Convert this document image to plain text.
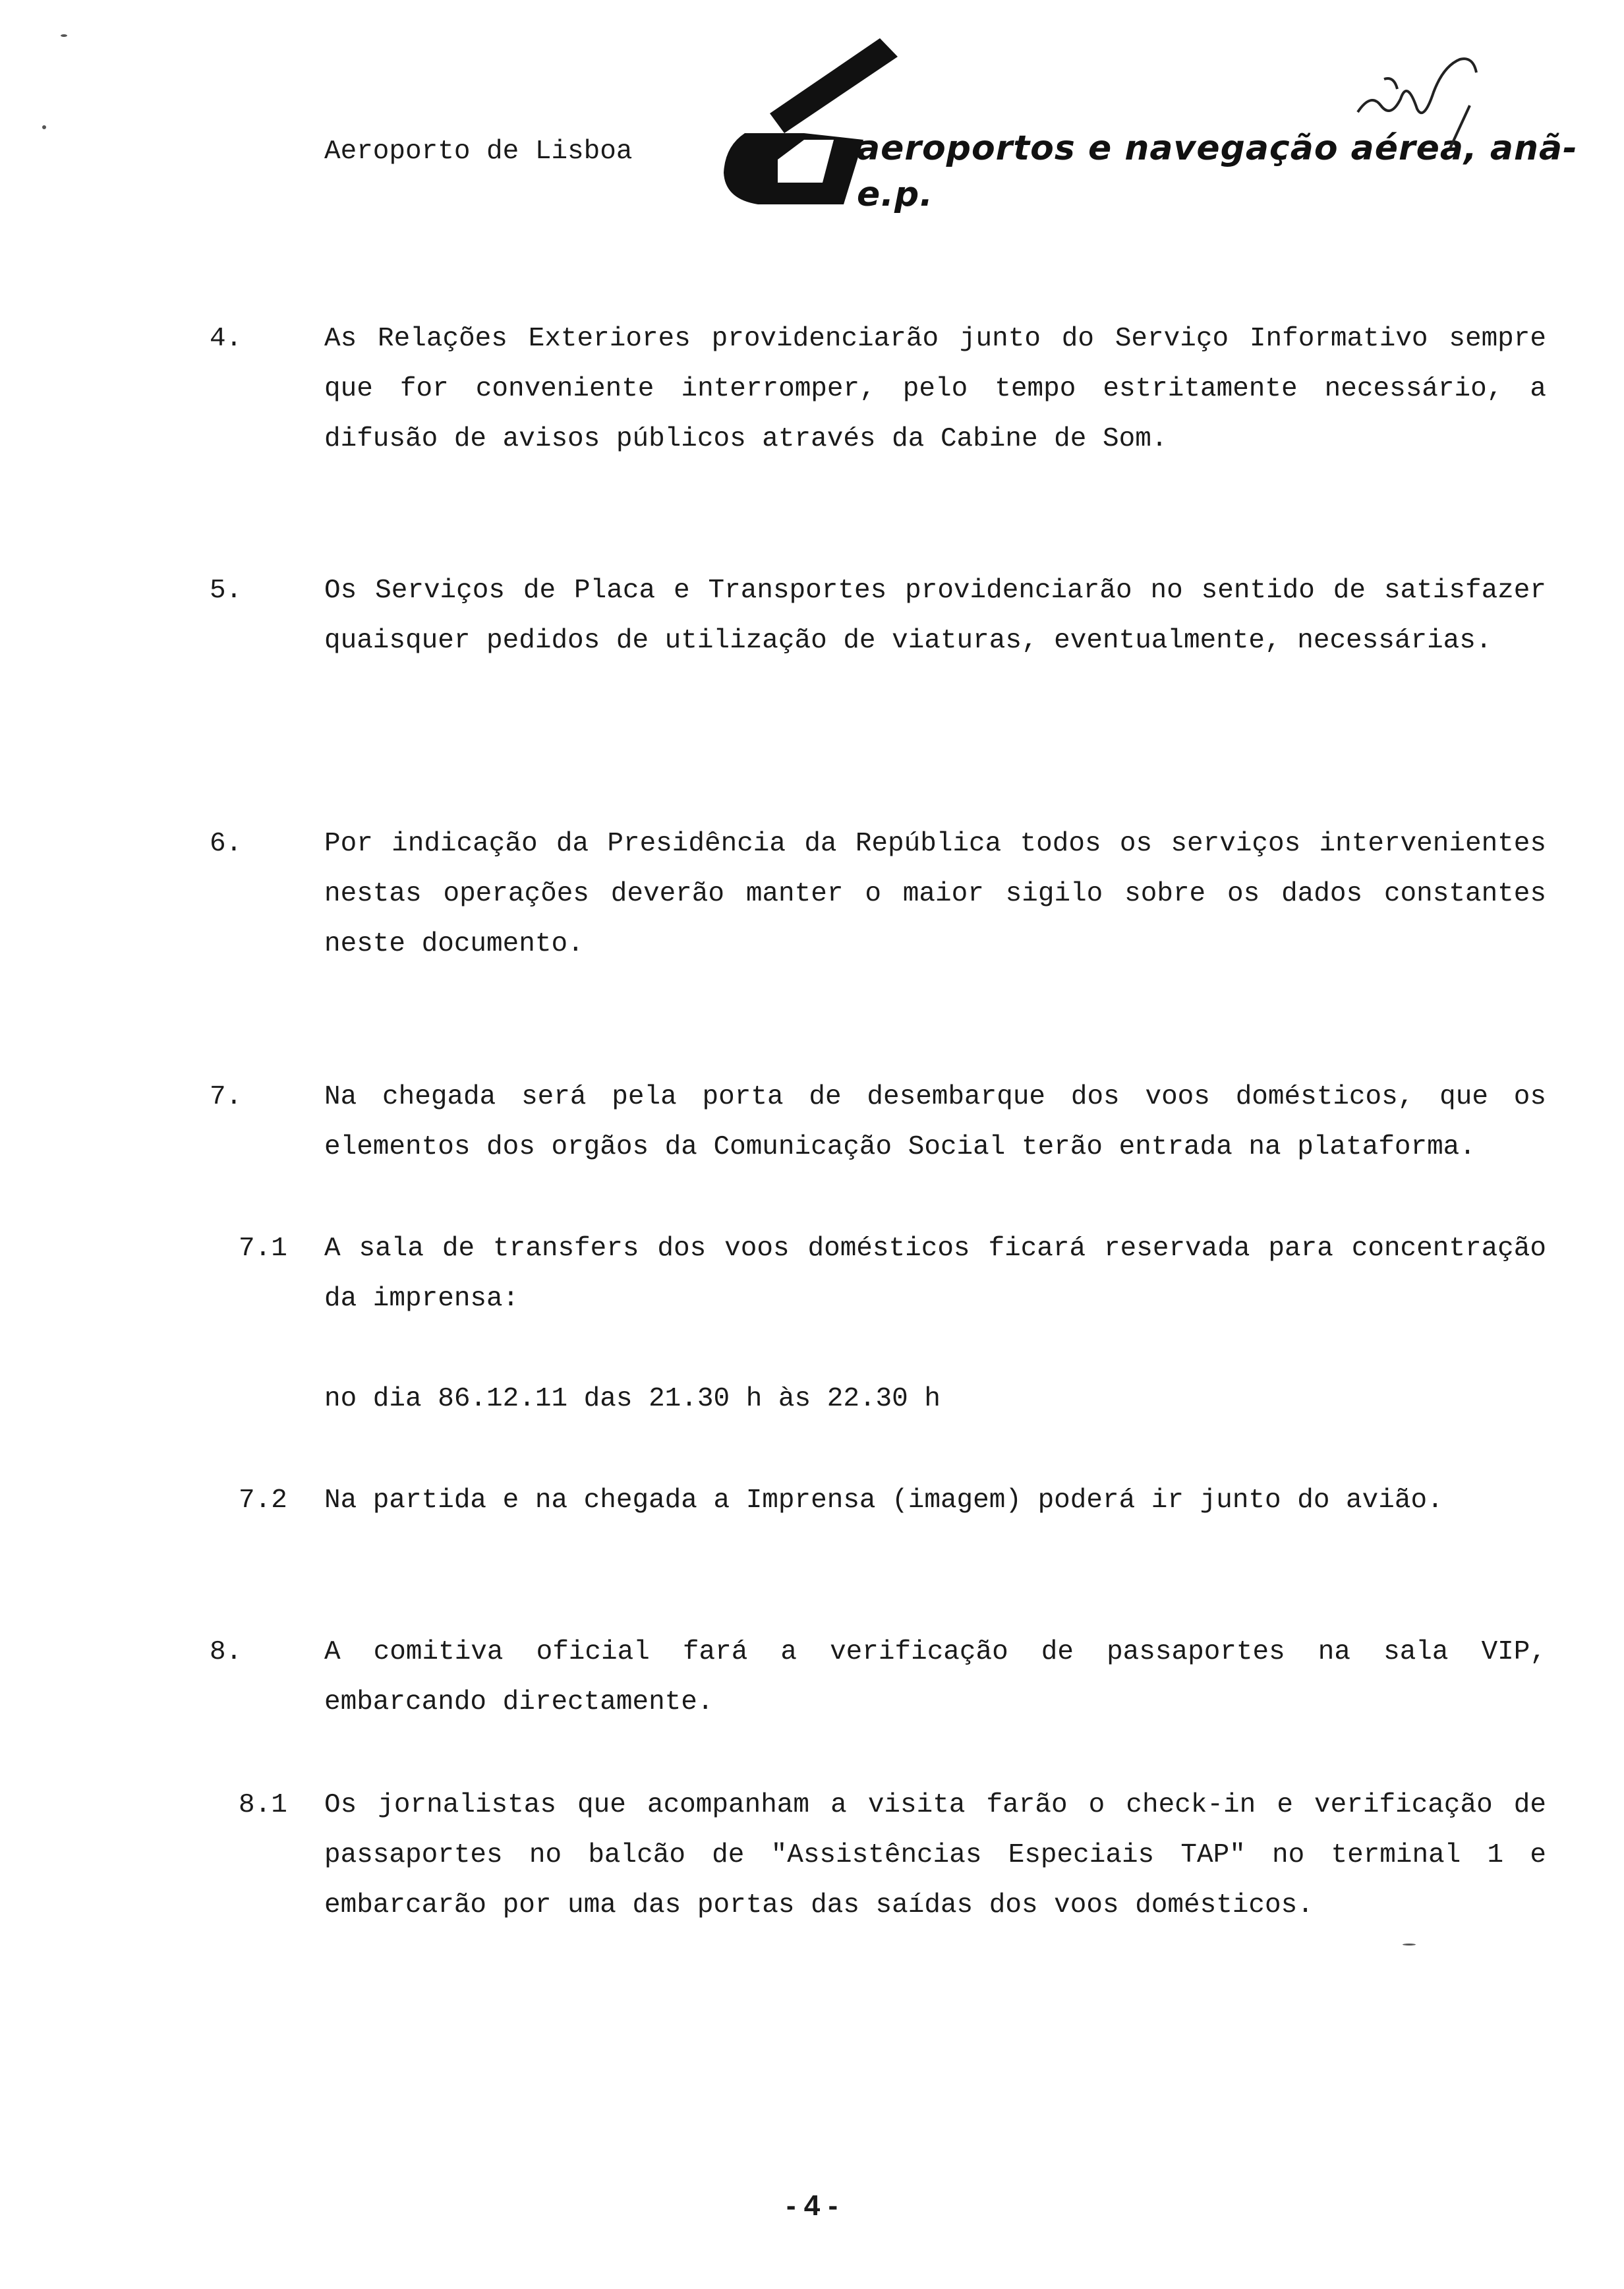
Aeroporto de Lisboa	aeroportos e navegação aérea, anã-e.p.
4.	As Relações Exteriores providenciarão junto do Serviço Informativo sempre que for conveniente interromper, pelo tempo estritamente necessário, a difusão de avisos públicos através da Cabine de Som.
5.	Os Serviços de Placa e Transportes providenciarão no sentido de satisfazer quaisquer pedidos de utilização de viaturas, eventualmente, necessárias.
6.	Por indicação da Presidência da República todos os serviços intervenientes nestas operações deverão manter o maior sigilo sobre os dados constantes neste documento.
7.	Na chegada será pela porta de desembarque dos voos domésticos, que os elementos dos orgãos da Comunicação Social terão entrada na plataforma.
7.1	A sala de transfers dos voos domésticos ficará reservada para concentração da imprensa:
no dia 86.12.11 das 21.30 h às 22.30 h
7.2	Na partida e na chegada a Imprensa (imagem) poderá ir junto do avião.
8.	A comitiva oficial fará a verificação de passaportes na sala VIP, embarcando directamente.
8.1	Os jornalistas que acompanham a visita farão o check-in e verificação de passaportes no balcão de "Assistências Especiais TAP" no terminal 1 e embarcarão por uma das portas das saídas dos voos domésticos.
- 4 -
